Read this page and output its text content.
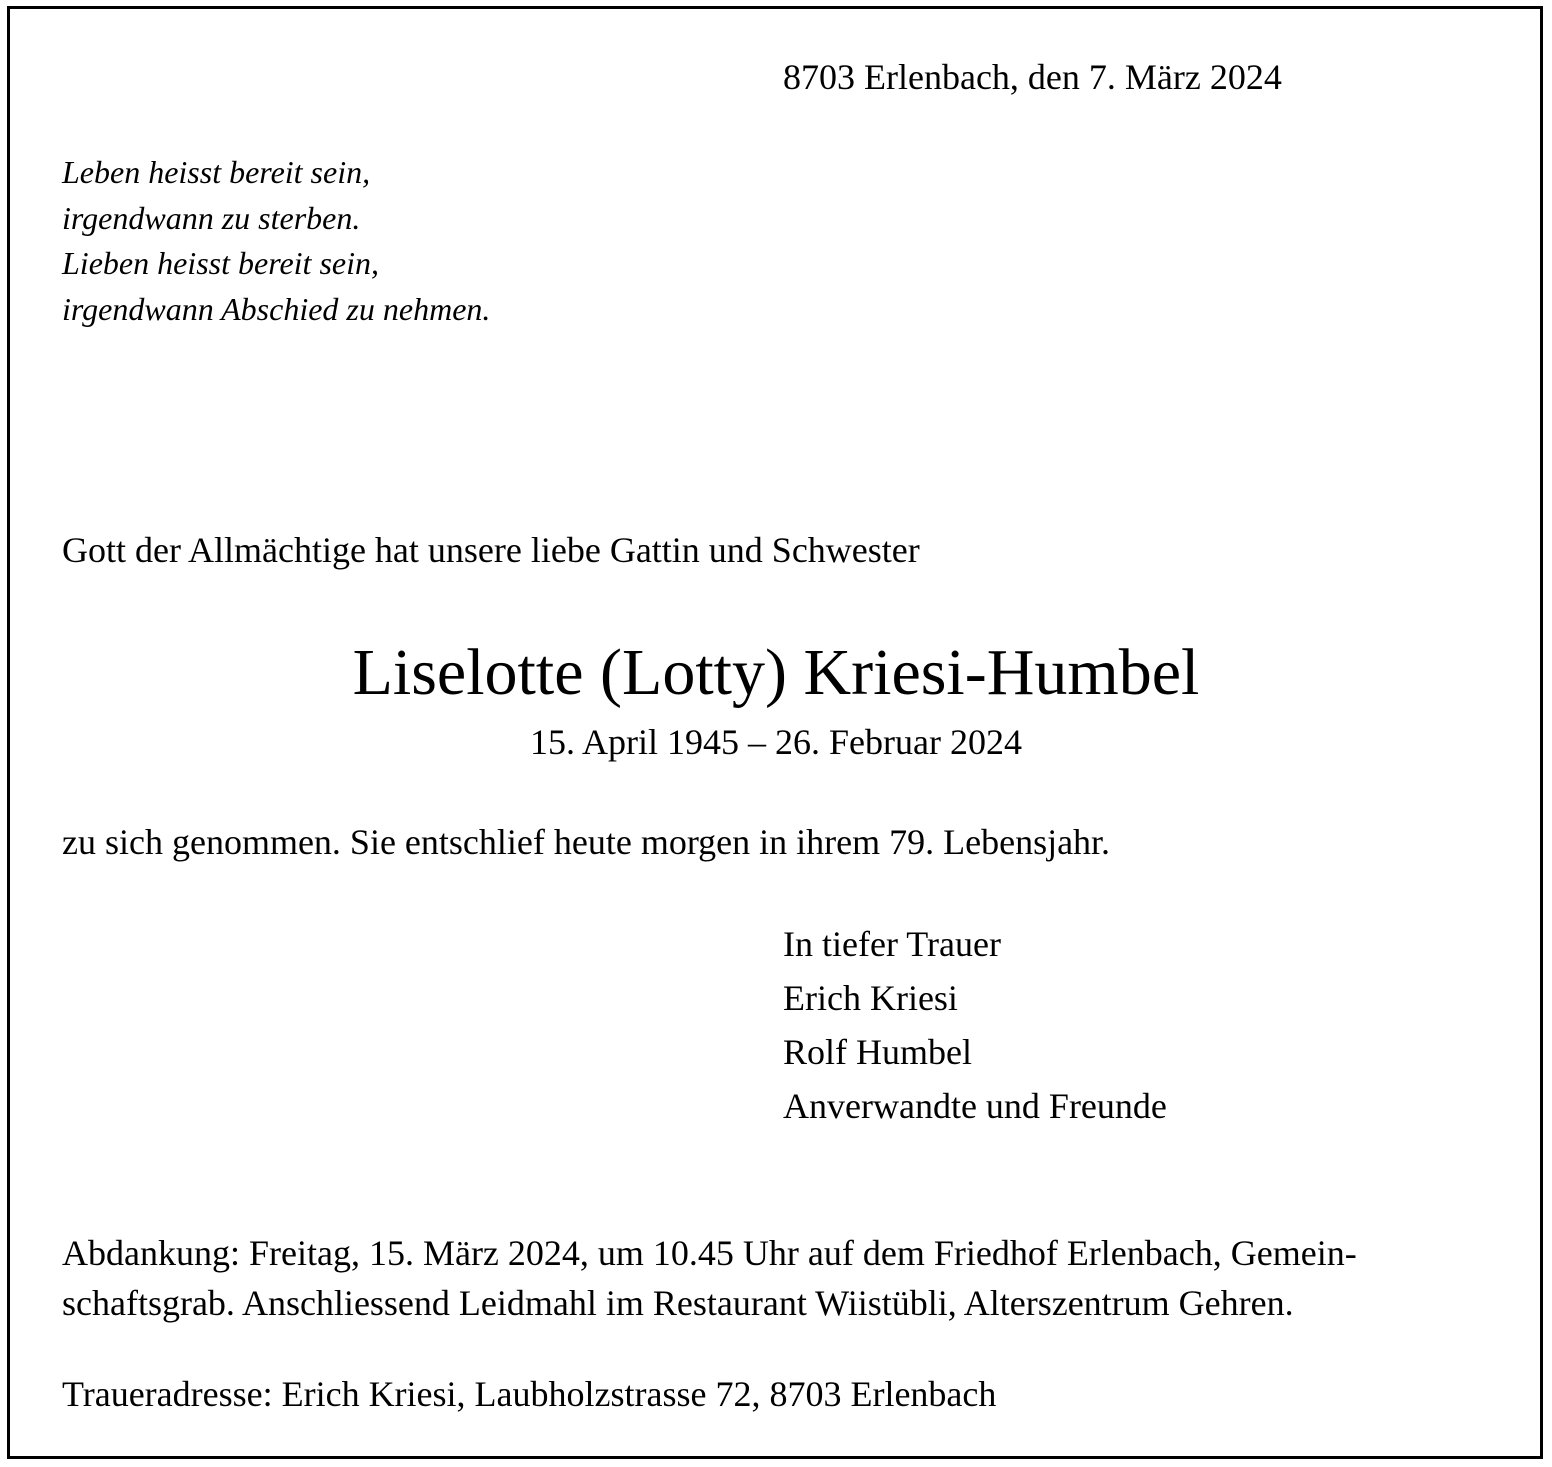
8703 Erlenbach, den 7. März 2024
Leben heisst bereit sein,
irgendwann zu sterben.
Lieben heisst bereit sein,
irgendwann Abschied zu nehmen.
Gott der Allmächtige hat unsere liebe Gattin und Schwester
Liselotte (Lotty) Kriesi-Humbel
15. April 1945 – 26. Februar 2024
zu sich genommen. Sie entschlief heute morgen in ihrem 79. Lebensjahr.
In tiefer Trauer
Erich Kriesi
Rolf Humbel
Anverwandte und Freunde
Abdankung: Freitag, 15. März 2024, um 10.45 Uhr auf dem Friedhof Erlenbach, Gemein-
schaftsgrab. Anschliessend Leidmahl im Restaurant Wiistübli, Alterszentrum Gehren.
Traueradresse: Erich Kriesi, Laubholzstrasse 72, 8703 Erlenbach
